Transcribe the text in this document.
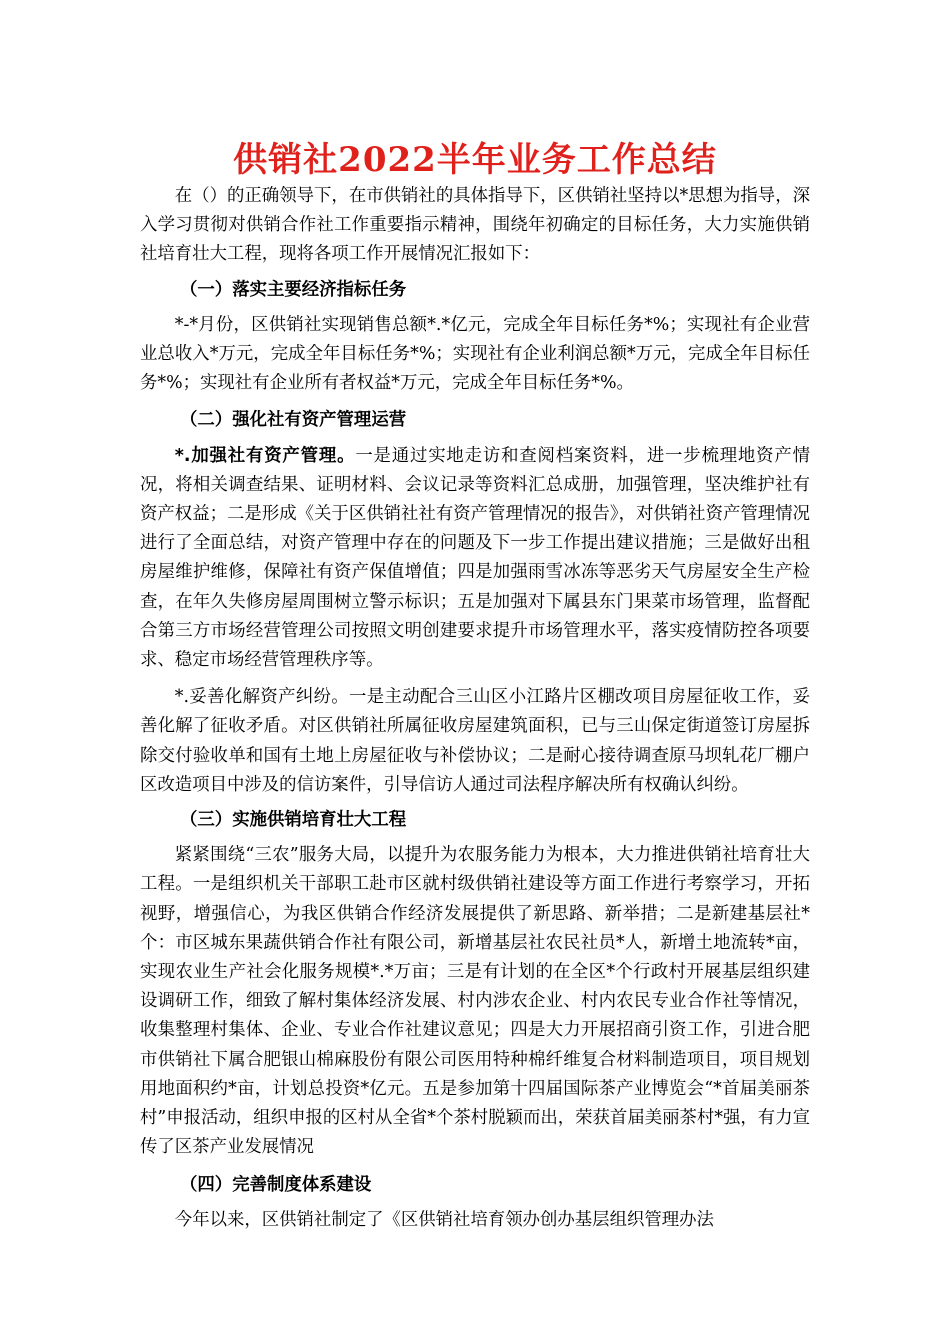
供销社2022半年业务工作总结

在（）的正确领导下，在市供销社的具体指导下，区供销社坚持以*思想为指导，深入学习贯彻对供销合作社工作重要指示精神，围绕年初确定的目标任务，大力实施供销社培育壮大工程，现将各项工作开展情况汇报如下：

（一）落实主要经济指标任务

*-*月份，区供销社实现销售总额*.*亿元，完成全年目标任务*%；实现社有企业营业总收入*万元，完成全年目标任务*%；实现社有企业利润总额*万元，完成全年目标任务*%；实现社有企业所有者权益*万元，完成全年目标任务*%。

（二）强化社有资产管理运营

*.加强社有资产管理。一是通过实地走访和查阅档案资料，进一步梳理地资产情况，将相关调查结果、证明材料、会议记录等资料汇总成册，加强管理，坚决维护社有资产权益；二是形成《关于区供销社社有资产管理情况的报告》，对供销社资产管理情况进行了全面总结，对资产管理中存在的问题及下一步工作提出建议措施；三是做好出租房屋维护维修，保障社有资产保值增值；四是加强雨雪冰冻等恶劣天气房屋安全生产检查，在年久失修房屋周围树立警示标识；五是加强对下属县东门果菜市场管理，监督配合第三方市场经营管理公司按照文明创建要求提升市场管理水平，落实疫情防控各项要求、稳定市场经营管理秩序等。

*.妥善化解资产纠纷。一是主动配合三山区小江路片区棚改项目房屋征收工作，妥善化解了征收矛盾。对区供销社所属征收房屋建筑面积，已与三山保定街道签订房屋拆除交付验收单和国有土地上房屋征收与补偿协议；二是耐心接待调查原马坝轧花厂棚户区改造项目中涉及的信访案件，引导信访人通过司法程序解决所有权确认纠纷。

（三）实施供销培育壮大工程

紧紧围绕“三农”服务大局，以提升为农服务能力为根本，大力推进供销社培育壮大工程。一是组织机关干部职工赴市区就村级供销社建设等方面工作进行考察学习，开拓视野，增强信心，为我区供销合作经济发展提供了新思路、新举措；二是新建基层社*个：市区城东果蔬供销合作社有限公司，新增基层社农民社员*人，新增土地流转*亩，实现农业生产社会化服务规模*.*万亩；三是有计划的在全区*个行政村开展基层组织建设调研工作，细致了解村集体经济发展、村内涉农企业、村内农民专业合作社等情况，收集整理村集体、企业、专业合作社建议意见；四是大力开展招商引资工作，引进合肥市供销社下属合肥银山棉麻股份有限公司医用特种棉纤维复合材料制造项目，项目规划用地面积约*亩，计划总投资*亿元。五是参加第十四届国际茶产业博览会“*首届美丽茶村”申报活动，组织申报的区村从全省*个茶村脱颖而出，荣获首届美丽茶村*强，有力宣传了区茶产业发展情况

（四）完善制度体系建设

今年以来，区供销社制定了《区供销社培育领办创办基层组织管理办法
